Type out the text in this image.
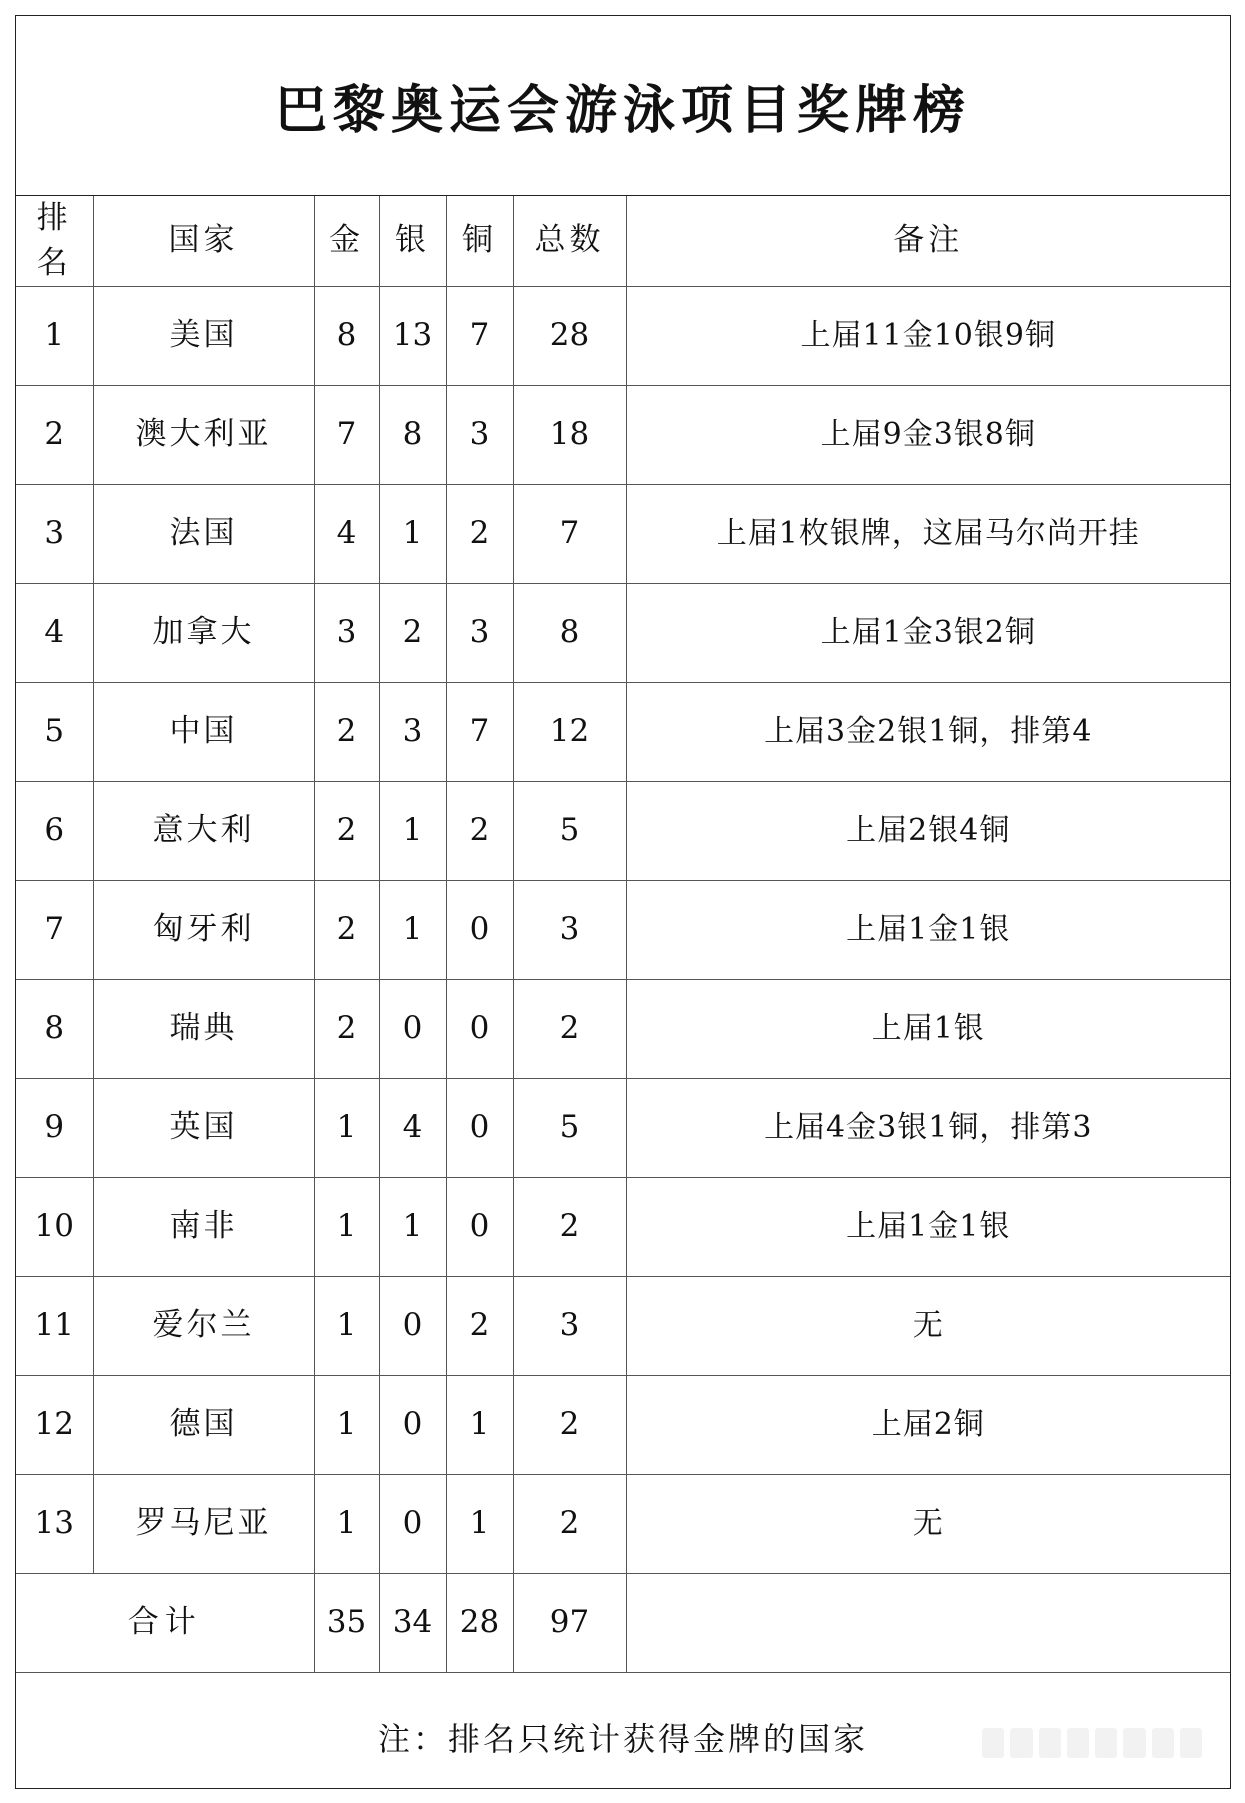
巴黎奥运会游泳项目奖牌榜
排名	国家	金	银	铜	总数	备注
1	美国	8	13	7	28	上届11金10银9铜
2	澳大利亚	7	8	3	18	上届9金3银8铜
3	法国	4	1	2	7	上届1枚银牌，这届马尔尚开挂
4	加拿大	3	2	3	8	上届1金3银2铜
5	中国	2	3	7	12	上届3金2银1铜，排第4
6	意大利	2	1	2	5	上届2银4铜
7	匈牙利	2	1	0	3	上届1金1银
8	瑞典	2	0	0	2	上届1银
9	英国	1	4	0	5	上届4金3银1铜，排第3
10	南非	1	1	0	2	上届1金1银
11	爱尔兰	1	0	2	3	无
12	德国	1	0	1	2	上届2铜
13	罗马尼亚	1	0	1	2	无
合计		35	34	28	97	
注：排名只统计获得金牌的国家
